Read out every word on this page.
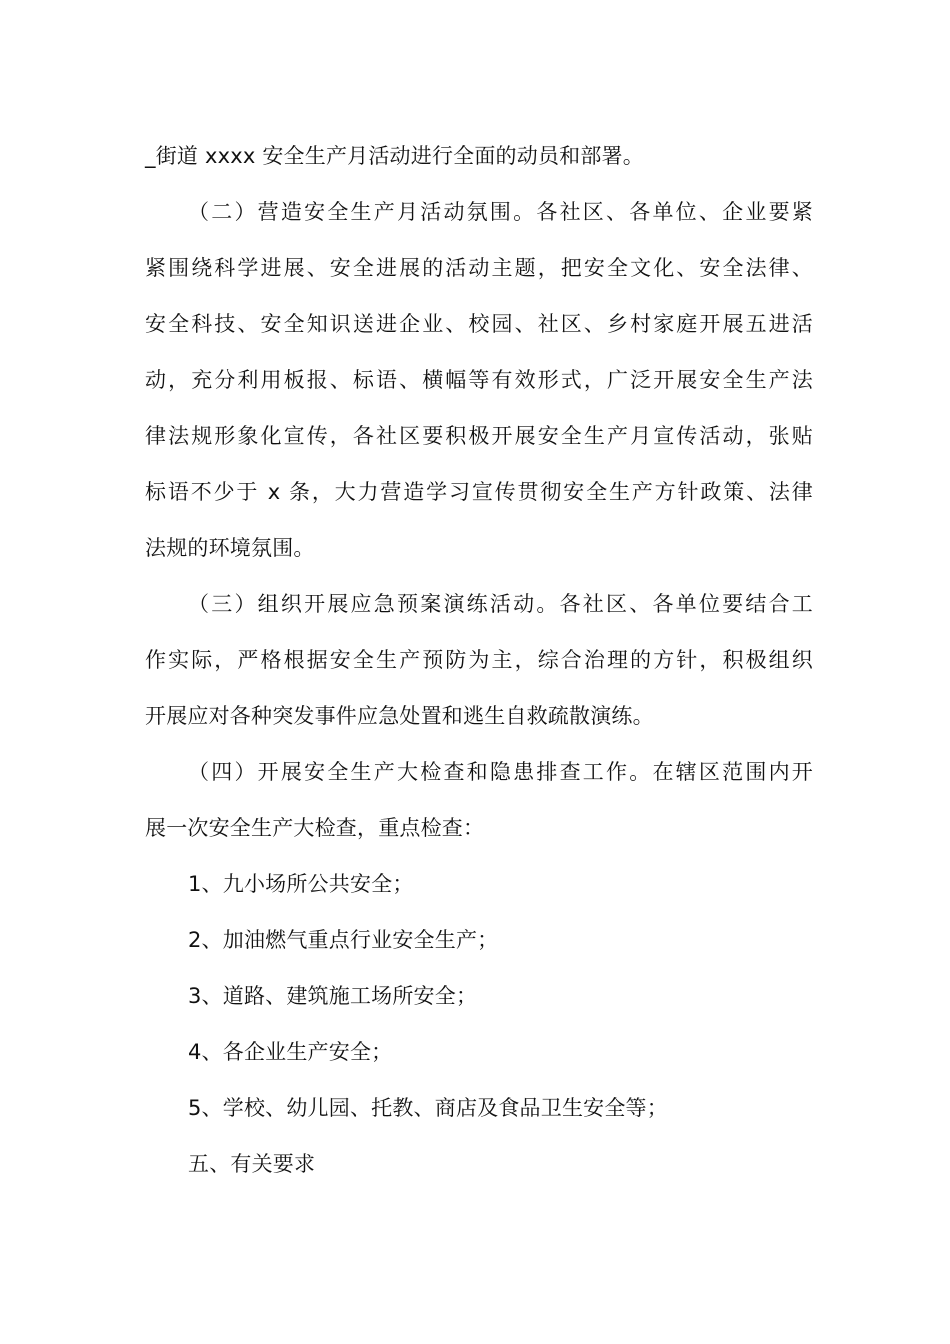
_街道 xxxx 安全生产月活动进行全面的动员和部署。
（二）营造安全生产月活动氛围。各社区、各单位、企业要紧
紧围绕科学进展、安全进展的活动主题，把安全文化、安全法律、
安全科技、安全知识送进企业、校园、社区、乡村家庭开展五进活
动，充分利用板报、标语、横幅等有效形式，广泛开展安全生产法
律法规形象化宣传，各社区要积极开展安全生产月宣传活动，张贴
标语不少于 x 条，大力营造学习宣传贯彻安全生产方针政策、法律
法规的环境氛围。
（三）组织开展应急预案演练活动。各社区、各单位要结合工
作实际，严格根据安全生产预防为主，综合治理的方针，积极组织
开展应对各种突发事件应急处置和逃生自救疏散演练。
（四）开展安全生产大检查和隐患排查工作。在辖区范围内开
展一次安全生产大检查，重点检查：
1、九小场所公共安全；
2、加油燃气重点行业安全生产；
3、道路、建筑施工场所安全；
4、各企业生产安全；
5、学校、幼儿园、托教、商店及食品卫生安全等；
五、有关要求
